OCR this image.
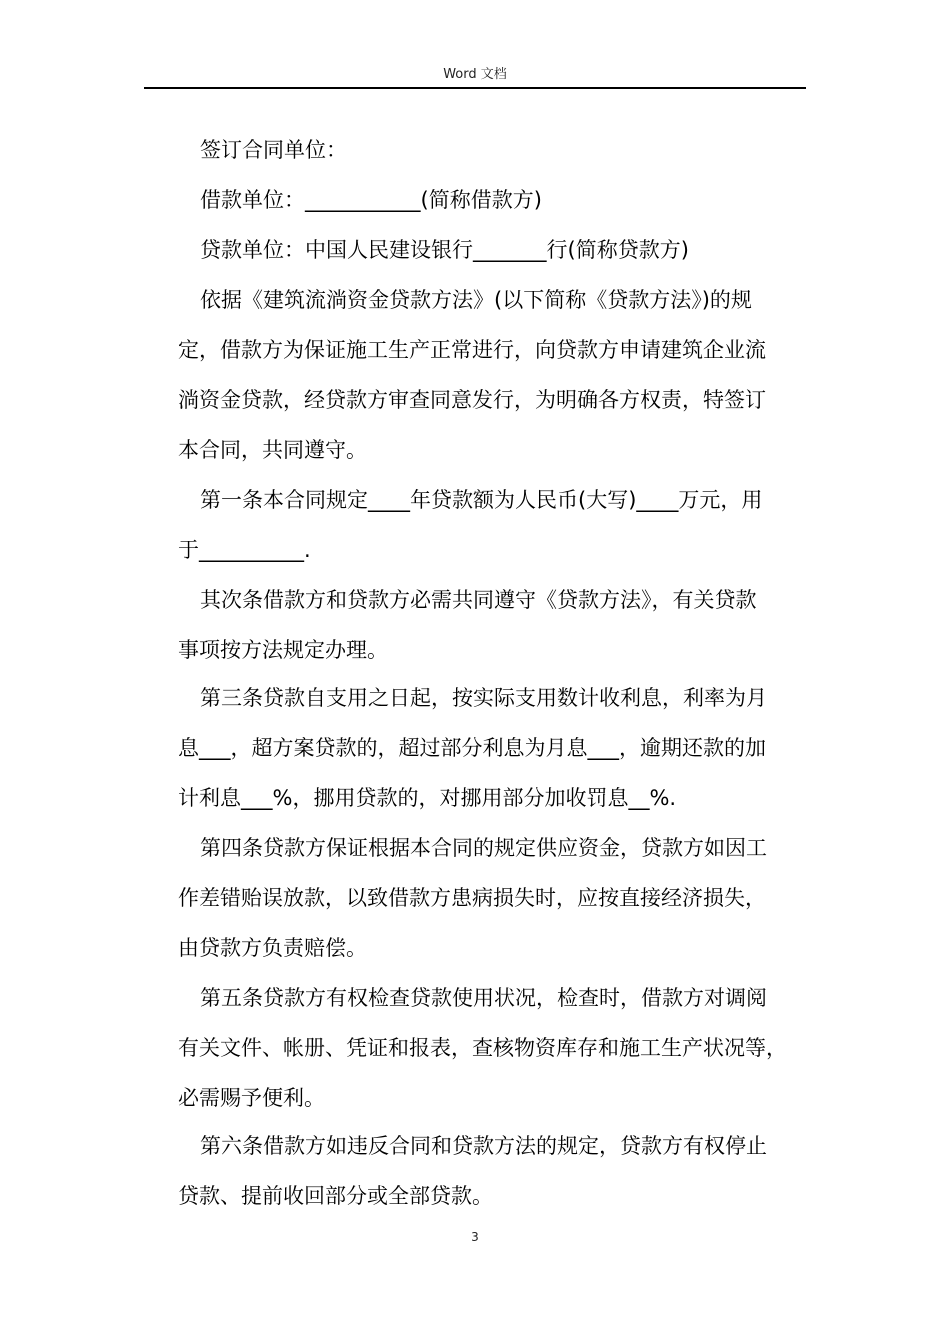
Word 文档
签订合同单位：
借款单位：___________(简称借款方)
贷款单位：中国人民建设银行_______行(简称贷款方)
依据《建筑流淌资金贷款方法》(以下简称《贷款方法》)的规
定，借款方为保证施工生产正常进行，向贷款方申请建筑企业流
淌资金贷款，经贷款方审查同意发行，为明确各方权责，特签订
本合同，共同遵守。
第一条本合同规定____年贷款额为人民币(大写)____万元，用
于__________.
其次条借款方和贷款方必需共同遵守《贷款方法》，有关贷款
事项按方法规定办理。
第三条贷款自支用之日起，按实际支用数计收利息，利率为月
息___，超方案贷款的，超过部分利息为月息___，逾期还款的加
计利息___%，挪用贷款的，对挪用部分加收罚息__%.
第四条贷款方保证根据本合同的规定供应资金，贷款方如因工
作差错贻误放款，以致借款方患病损失时，应按直接经济损失，
由贷款方负责赔偿。
第五条贷款方有权检查贷款使用状况，检查时，借款方对调阅
有关文件、帐册、凭证和报表，查核物资库存和施工生产状况等，
必需赐予便利。
第六条借款方如违反合同和贷款方法的规定，贷款方有权停止
贷款、提前收回部分或全部贷款。
3
